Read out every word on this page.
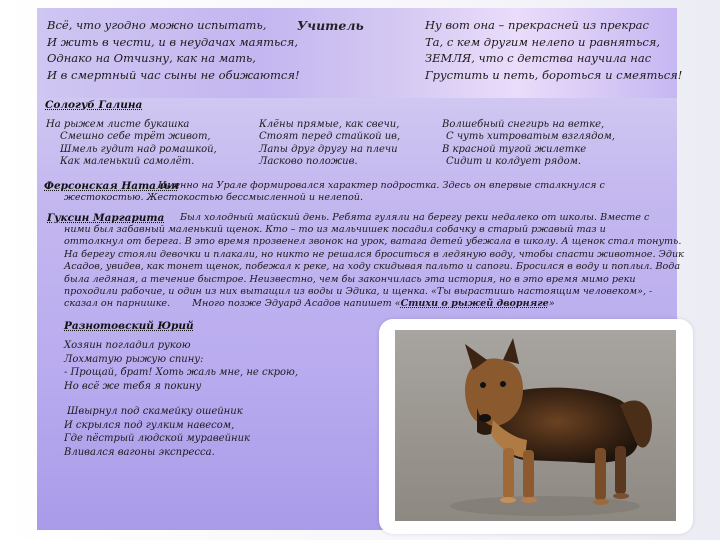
Учитель
Всё, что угодно можно испытать,
И жить в чести, и в неудачах маяться,
Однако на Отчизну, как на мать,
И в смертный час сыны не обижаются!
Ну вот она – прекрасней из прекрас
Та, с кем другим нелепо и равняться,
ЗЕМЛЯ, что с детства научила нас
Грустить и петь, бороться и смеяться!
Сологуб Галина
На рыжем листе букашка
Смешно себе трёт живот,
Шмель гудит над ромашкой,
Как маленький самолёт.
Клёны прямые, как свечи,
Стоят перед стайкой ив,
Лапы друг другу на плечи
Ласково положив.
Волшебный снегирь на ветке,
С чуть хитроватым взглядом,
В красной тугой жилетке
Сидит и колдует рядом.
Ферсонская Наталья
Именно на Урале формировался характер подростка. Здесь он впервые сталкнулся с
жестокостью. Жестокостью бессмысленной и нелепой.
Гуксин Маргарита Был холодный майский день. Ребята гуляли на берегу реки недалеко от школы. Вместе с
ними был забавный маленький щенок. Кто – то из мальчишек посадил собачку в старый ржавый таз и
оттолкнул от берега. В это время прозвенел звонок на урок, ватага детей убежала в школу. А щенок стал тонуть.
На берегу стояли девочки и плакали, но никто не решался броситься в ледяную воду, чтобы спасти животное. Эдик
Асадов, увидев, как тонет щенок, побежал к реке, на ходу скидывая пальто и сапоги. Бросился в воду и поплыл. Вода
была ледяная, а течение быстрое. Неизвестно, чем бы закончилась эта история, но в это время мимо реки
проходили рабочие, и один из них вытащил из воды и Эдика, и щенка. «Ты вырастишь настоящим человеком», -
сказал он парнишке. Много позже Эдуард Асадов напишет «Стихи о рыжей дворняге»
Разнотовский Юрий
Хозяин погладил рукою
Лохматую рыжую спину:
- Прощай, брат! Хоть жаль мне, не скрою,
Но всё же тебя я покину
Швырнул под скамейку ошейник
И скрылся под гулким навесом,
Где пёстрый людской муравейник
Вливался вагоны экспресса.
